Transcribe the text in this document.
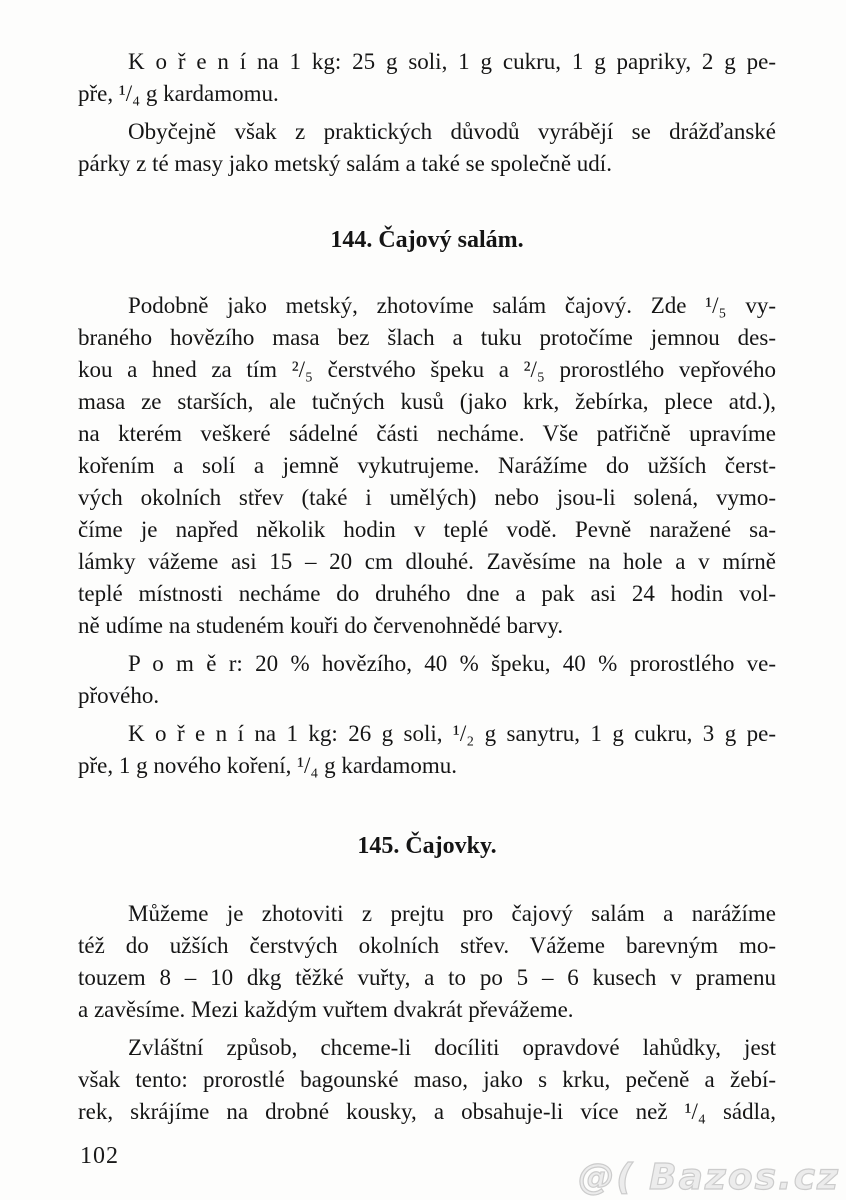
K o ř e n í na 1 kg: 25 g soli, 1 g cukru, 1 g papriky, 2 g pe-
pře, ¹/₄ g kardamomu.
Obyčejně však z praktických důvodů vyrábějí se drážďanské
párky z té masy jako metský salám a také se společně udí.
144. Čajový salám.
Podobně jako metský, zhotovíme salám čajový. Zde ¹/₅ vy-
braného hovězího masa bez šlach a tuku protočíme jemnou des-
kou a hned za tím ²/₅ čerstvého špeku a ²/₅ prorostlého vepřového
masa ze starších, ale tučných kusů (jako krk, žebírka, plece atd.),
na kterém veškeré sádelné části necháme. Vše patřičně upravíme
kořením a solí a jemně vykutrujeme. Narážíme do užších čerst-
vých okolních střev (také i umělých) nebo jsou-li solená, vymo-
číme je napřed několik hodin v teplé vodě. Pevně naražené sa-
lámky vážeme asi 15 – 20 cm dlouhé. Zavěsíme na hole a v mírně
teplé místnosti necháme do druhého dne a pak asi 24 hodin vol-
ně udíme na studeném kouři do červenohnědé barvy.
P o m ě r: 20 % hovězího, 40 % špeku, 40 % prorostlého ve-
přového.
K o ř e n í na 1 kg: 26 g soli, ¹/₂ g sanytru, 1 g cukru, 3 g pe-
pře, 1 g nového koření, ¹/₄ g kardamomu.
145. Čajovky.
Můžeme je zhotoviti z prejtu pro čajový salám a narážíme
též do užších čerstvých okolních střev. Vážeme barevným mo-
touzem 8 – 10 dkg těžké vuřty, a to po 5 – 6 kusech v pramenu
a zavěsíme. Mezi každým vuřtem dvakrát převážeme.
Zvláštní způsob, chceme-li docíliti opravdové lahůdky, jest
však tento: prorostlé bagounské maso, jako s krku, pečeně a žebí-
rek, skrájíme na drobné kousky, a obsahuje-li více než ¹/₄ sádla,
102
@( Bazos.cz
